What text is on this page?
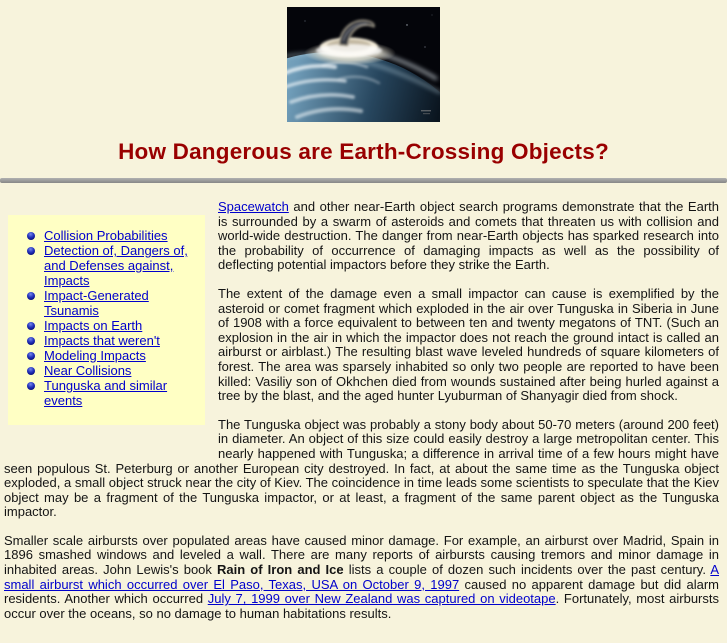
How Dangerous are Earth-Crossing Objects?
Collision Probabilities
Detection of, Dangers of, and Defenses against, Impacts
Impact-Generated Tsunamis
Impacts on Earth
Impacts that weren't
Modeling Impacts
Near Collisions
Tunguska and similar events

Spacewatch and other near-Earth object search programs demonstrate that the Earth is surrounded by a swarm of asteroids and comets that threaten us with collision and world-wide destruction. The danger from near-Earth objects has sparked research into the probability of occurrence of damaging impacts as well as the possibility of deflecting potential impactors before they strike the Earth.

The extent of the damage even a small impactor can cause is exemplified by the asteroid or comet fragment which exploded in the air over Tunguska in Siberia in June of 1908 with a force equivalent to between ten and twenty megatons of TNT. (Such an explosion in the air in which the impactor does not reach the ground intact is called an airburst or airblast.) The resulting blast wave leveled hundreds of square kilometers of forest. The area was sparsely inhabited so only two people are reported to have been killed: Vasiliy son of Okhchen died from wounds sustained after being hurled against a tree by the blast, and the aged hunter Lyuburman of Shanyagir died from shock.

The Tunguska object was probably a stony body about 50-70 meters (around 200 feet) in diameter. An object of this size could easily destroy a large metropolitan center. This nearly happened with Tunguska; a difference in arrival time of a few hours might have seen populous St. Peterburg or another European city destroyed. In fact, at about the same time as the Tunguska object exploded, a small object struck near the city of Kiev. The coincidence in time leads some scientists to speculate that the Kiev object may be a fragment of the Tunguska impactor, or at least, a fragment of the same parent object as the Tunguska impactor.

Smaller scale airbursts over populated areas have caused minor damage. For example, an airburst over Madrid, Spain in 1896 smashed windows and leveled a wall. There are many reports of airbursts causing tremors and minor damage in inhabited areas. John Lewis's book Rain of Iron and Ice lists a couple of dozen such incidents over the past century. A small airburst which occurred over El Paso, Texas, USA on October 9, 1997 caused no apparent damage but did alarm residents. Another which occurred July 7, 1999 over New Zealand was captured on videotape. Fortunately, most airbursts occur over the oceans, so no damage to human habitations results.
